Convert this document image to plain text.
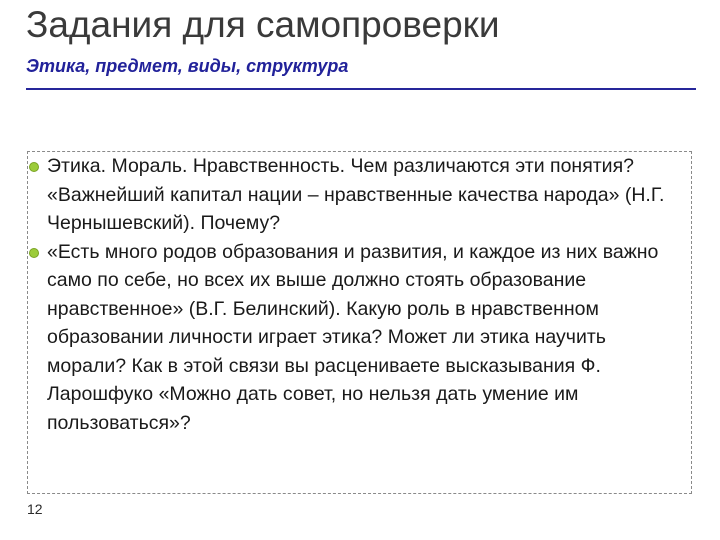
Задания для самопроверки
Этика, предмет, виды, структура
Этика. Мораль. Нравственность. Чем различаются эти понятия? «Важнейший капитал нации – нравственные качества народа» (Н.Г. Чернышевский). Почему?
«Есть много родов образования и развития, и каждое из них важно само по себе, но всех их выше должно стоять образование нравственное» (В.Г. Белинский). Какую роль в нравственном образовании личности играет этика? Может ли этика научить морали? Как в этой связи вы расцениваете высказывания Ф. Ларошфуко «Можно дать совет, но нельзя дать умение им пользоваться»?
12
